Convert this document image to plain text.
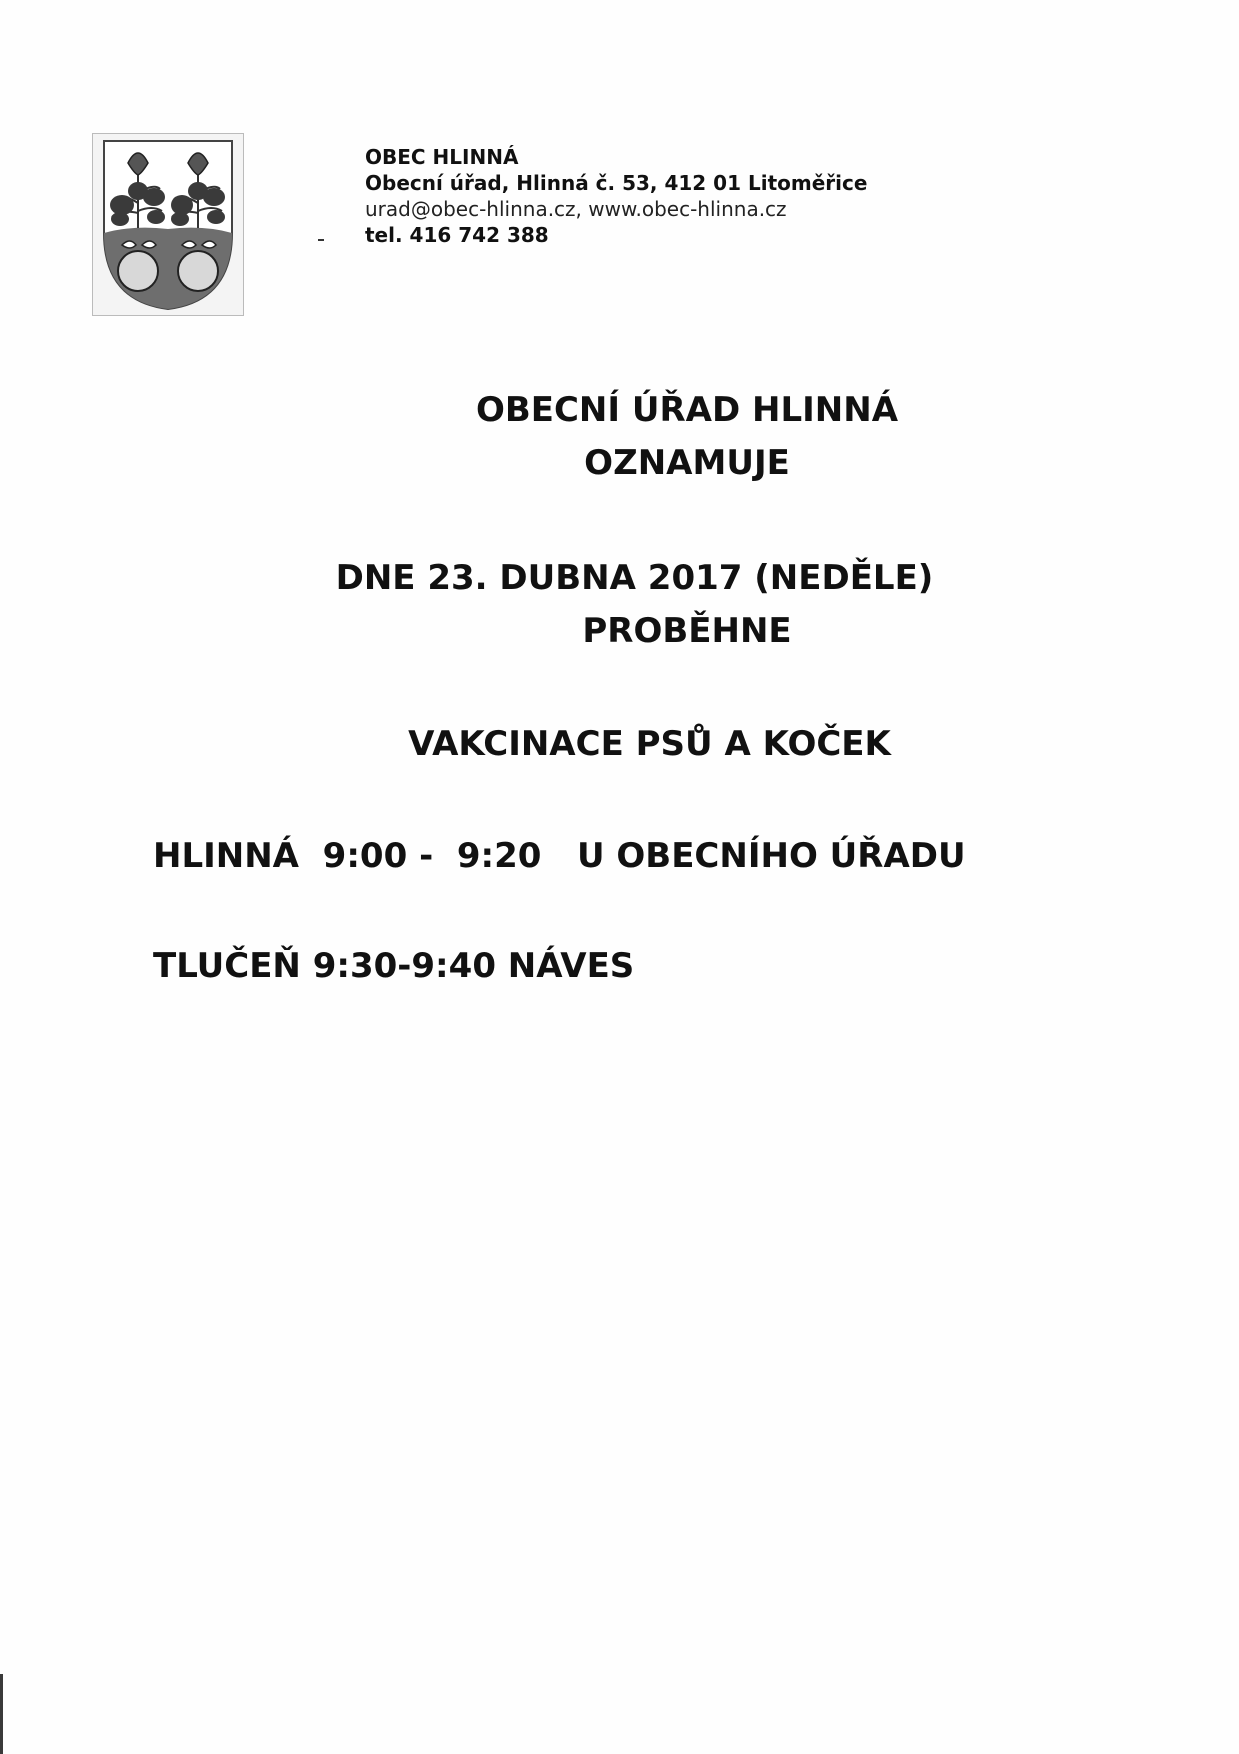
OBEC HLINNÁ
Obecní úřad, Hlinná č. 53, 412 01 Litoměřice
urad@obec-hlinna.cz, www.obec-hlinna.cz
tel. 416 742 388
OBECNÍ ÚŘAD HLINNÁ
OZNAMUJE
DNE 23. DUBNA 2017 (NEDĚLE)
PROBĚHNE
VAKCINACE PSŮ A KOČEK
HLINNÁ  9:00 -  9:20   U OBECNÍHO ÚŘADU
TLUČEŇ 9:30-9:40 NÁVES
